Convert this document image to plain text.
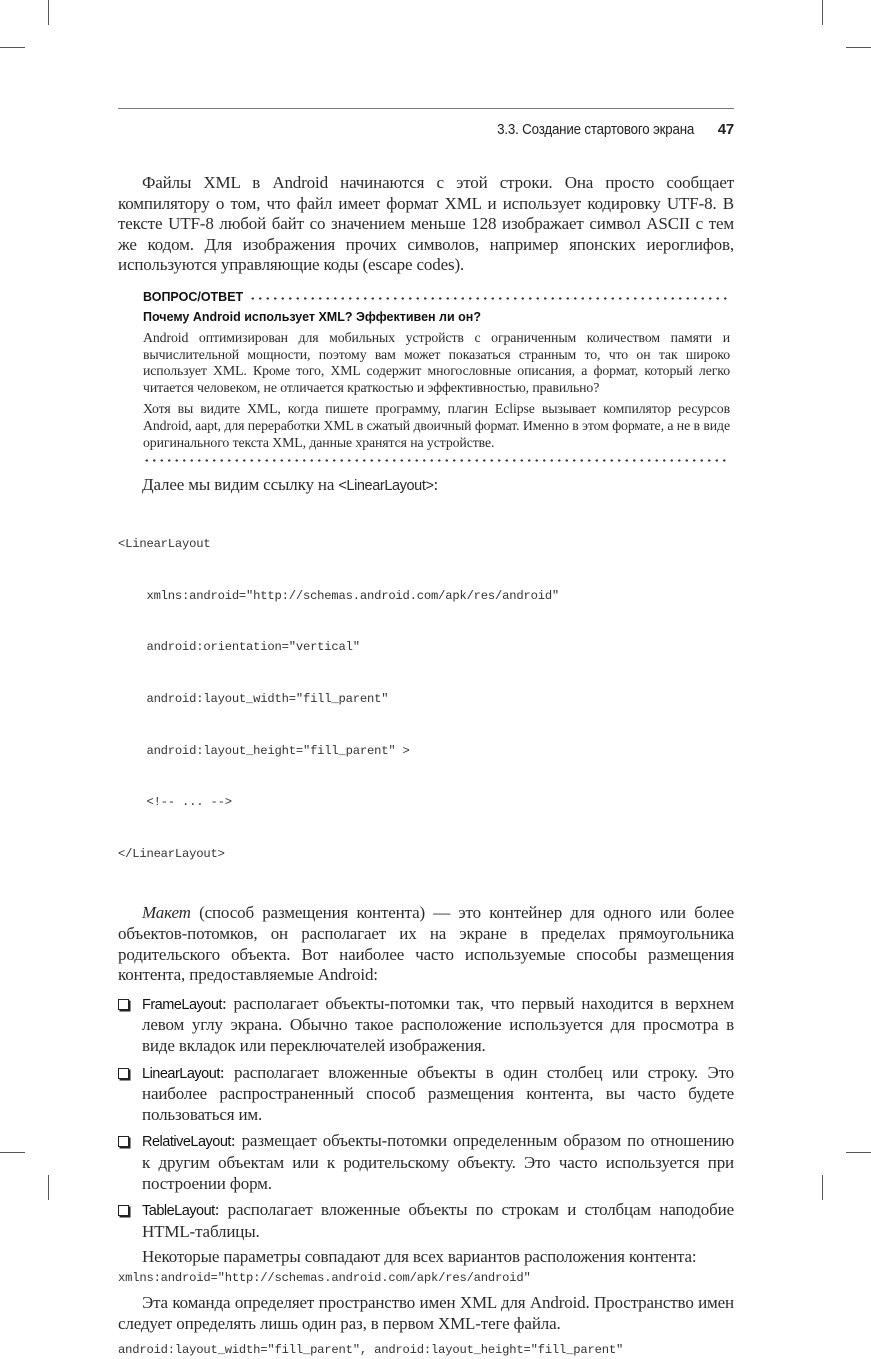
3.3. Создание стартового экрана 47

Файлы XML в Android начинаются с этой строки. Она просто сообщает компилятору о том, что файл имеет формат XML и использует кодировку UTF-8. В тексте UTF-8 любой байт со значением меньше 128 изображает символ ASCII с тем же кодом. Для изображения прочих символов, например японских иероглифов, используются управляющие коды (escape codes).

ВОПРОС/ОТВЕТ
Почему Android использует XML? Эффективен ли он?

Android оптимизирован для мобильных устройств с ограниченным количеством памяти и вычислительной мощности, поэтому вам может показаться странным то, что он так широко использует XML. Кроме того, XML содержит многословные описания, а формат, который легко читается человеком, не отличается краткостью и эффективностью, правильно?

Хотя вы видите XML, когда пишете программу, плагин Eclipse вызывает компилятор ресурсов Android, aapt, для переработки XML в сжатый двоичный формат. Именно в этом формате, а не в виде оригинального текста XML, данные хранятся на устройстве.

Далее мы видим ссылку на <LinearLayout>:

<LinearLayout

xmlns:android="http://schemas.android.com/apk/res/android"

android:orientation="vertical"

android:layout_width="fill_parent"

android:layout_height="fill_parent" >

<!-- ... -->

</LinearLayout>

Макет (способ размещения контента) — это контейнер для одного или более объектов-потомков, он располагает их на экране в пределах прямоугольника родительского объекта. Вот наиболее часто используемые способы размещения контента, предоставляемые Android:

FrameLayout: располагает объекты-потомки так, что первый находится в верхнем левом углу экрана. Обычно такое расположение используется для просмотра в виде вкладок или переключателей изображения.
LinearLayout: располагает вложенные объекты в один столбец или строку. Это наиболее распространенный способ размещения контента, вы часто будете пользоваться им.
RelativeLayout: размещает объекты-потомки определенным образом по отношению к другим объектам или к родительскому объекту. Это часто используется при построении форм.
TableLayout: располагает вложенные объекты по строкам и столбцам наподобие HTML-таблицы.

Некоторые параметры совпадают для всех вариантов расположения контента:

xmlns:android="http://schemas.android.com/apk/res/android"

Эта команда определяет пространство имен XML для Android. Пространство имен следует определять лишь один раз, в первом XML-теге файла.

android:layout_width="fill_parent", android:layout_height="fill_parent"
